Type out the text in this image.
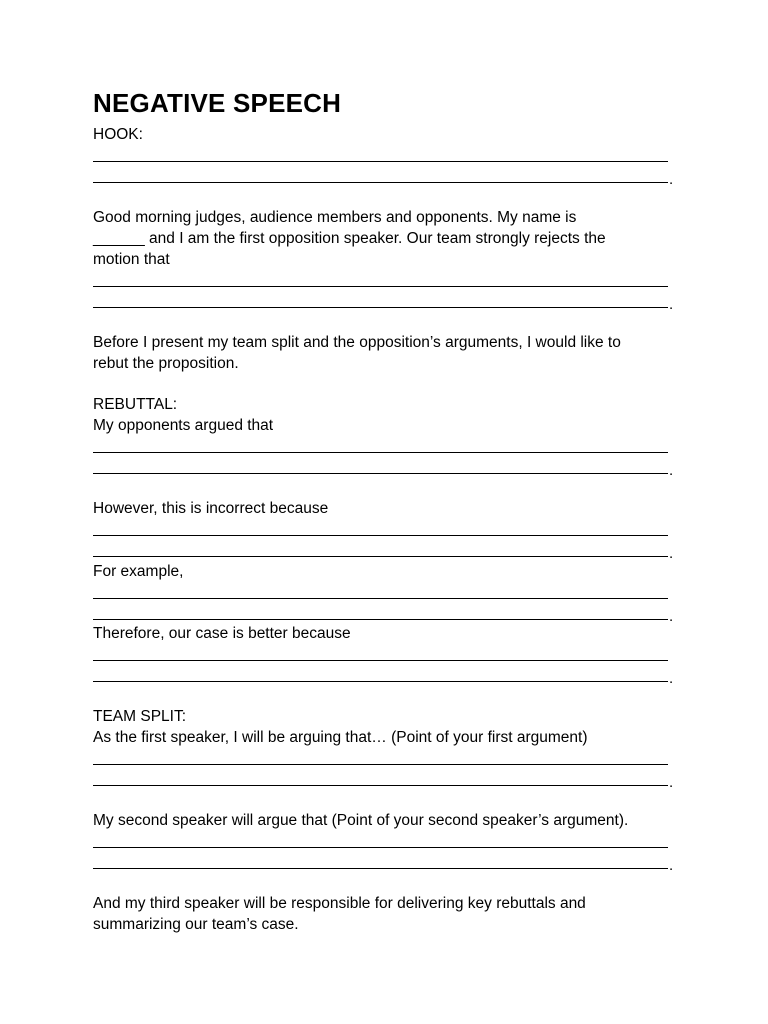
NEGATIVE SPEECH
HOOK:
.
Good morning judges, audience members and opponents. My name is
______ and I am the first opposition speaker. Our team strongly rejects the
motion that
.
Before I present my team split and the opposition’s arguments, I would like to
rebut the proposition.
REBUTTAL:
My opponents argued that
.
However, this is incorrect because
.
For example,
.
Therefore, our case is better because
.
TEAM SPLIT:
As the first speaker, I will be arguing that… (Point of your first argument)
.
My second speaker will argue that (Point of your second speaker’s argument).
.
And my third speaker will be responsible for delivering key rebuttals and
summarizing our team’s case.
